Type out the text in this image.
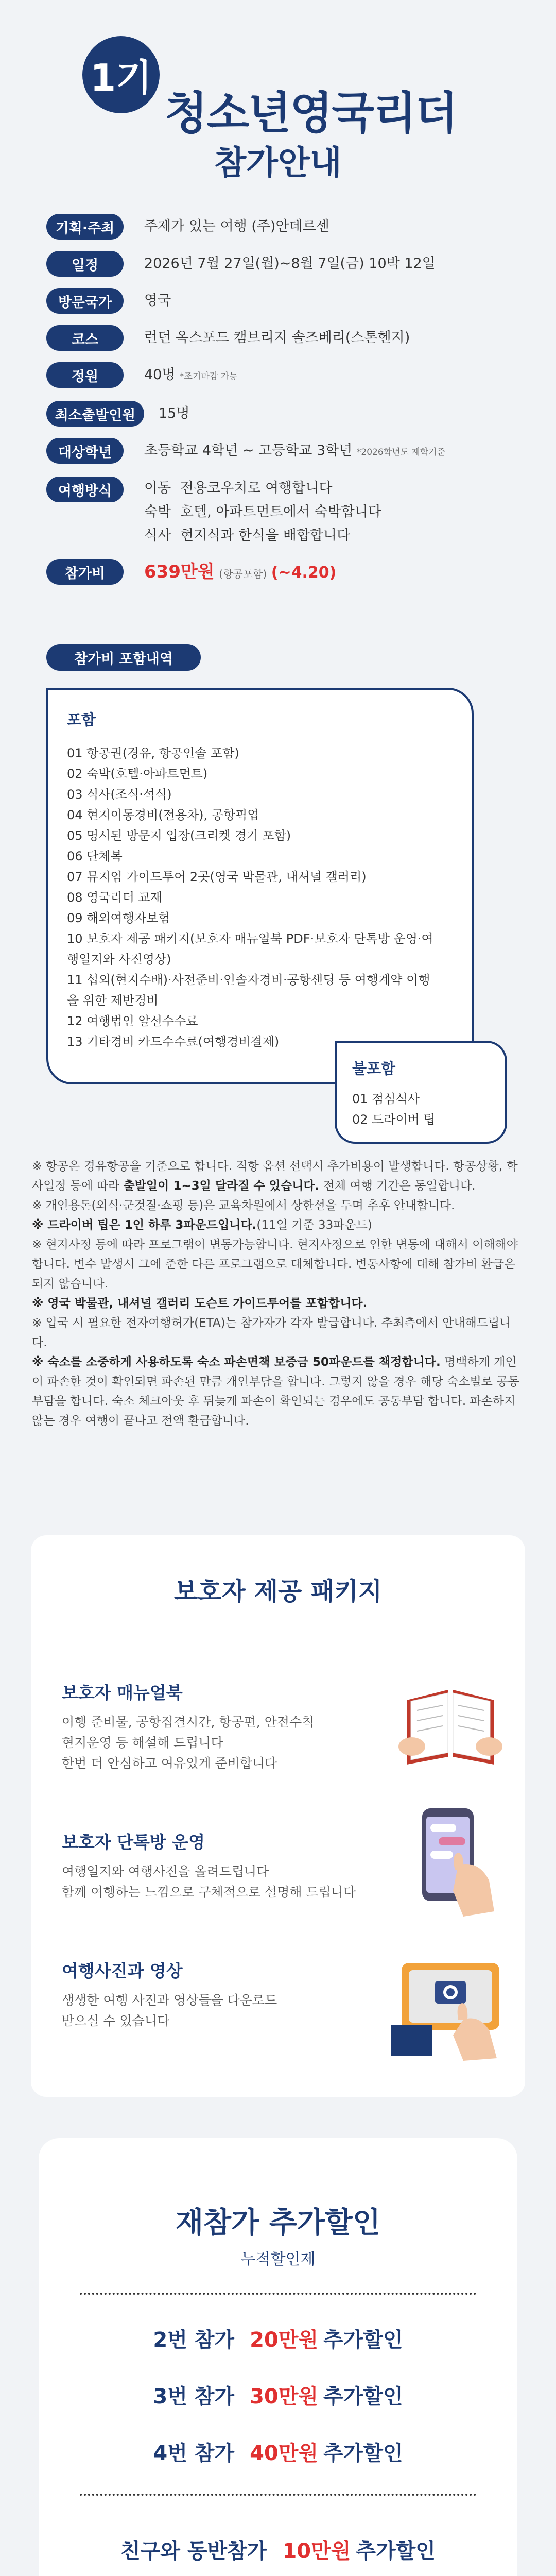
1기
청소년영국리더
참가안내
기획·주최	주제가 있는 여행 (주)안데르센
일정	2026년 7월 27일(월)~8월 7일(금) 10박 12일
방문국가	영국
코스	런던 옥스포드 캠브리지 솔즈베리(스톤헨지)
정원	40명 *조기마감 가능
최소출발인원	15명
대상학년	초등학교 4학년 ~ 고등학교 3학년 *2026학년도 재학기준
여행방식	이동 전용코우치로 여행합니다
숙박 호텔, 아파트먼트에서 숙박합니다
식사 현지식과 한식을 배합합니다
참가비	639만원 (항공포함) (~4.20)
참가비 포함내역
포함
01 항공권(경유, 항공인솔 포함)
02 숙박(호텔·아파트먼트)
03 식사(조식·석식)
04 현지이동경비(전용차), 공항픽업
05 명시된 방문지 입장(크리켓 경기 포함)
06 단체복
07 뮤지엄 가이드투어 2곳(영국 박물관, 내셔널 갤러리)
08 영국리더 교재
09 해외여행자보험
10 보호자 제공 패키지(보호자 매뉴얼북 PDF·보호자 단톡방 운영·여행일지와 사진영상)
11 섭외(현지수배)·사전준비·인솔자경비·공항샌딩 등 여행계약 이행을 위한 제반경비
12 여행법인 알선수수료
13 기타경비 카드수수료(여행경비결제)
불포함
01 점심식사
02 드라이버 팁

※ 항공은 경유항공을 기준으로 합니다. 직항 옵션 선택시 추가비용이 발생합니다. 항공상황, 학사일정 등에 따라 출발일이 1~3일 달라질 수 있습니다. 전체 여행 기간은 동일합니다.

※ 개인용돈(외식·군것질·쇼핑 등)은 교육차원에서 상한선을 두며 추후 안내합니다.

※ 드라이버 팁은 1인 하루 3파운드입니다.(11일 기준 33파운드)

※ 현지사정 등에 따라 프로그램이 변동가능합니다. 현지사정으로 인한 변동에 대해서 이해해야 합니다. 변수 발생시 그에 준한 다른 프로그램으로 대체합니다. 변동사항에 대해 참가비 환급은 되지 않습니다.

※ 영국 박물관, 내셔널 갤러리 도슨트 가이드투어를 포함합니다.

※ 입국 시 필요한 전자여행허가(ETA)는 참가자가 각자 발급합니다. 추최측에서 안내해드립니다.

※ 숙소를 소중하게 사용하도록 숙소 파손면책 보증금 50파운드를 책정합니다. 명백하게 개인이 파손한 것이 확인되면 파손된 만큼 개인부담을 합니다. 그렇지 않을 경우 해당 숙소별로 공동부담을 합니다. 숙소 체크아웃 후 뒤늦게 파손이 확인되는 경우에도 공동부담 합니다. 파손하지 않는 경우 여행이 끝나고 전액 환급합니다.

보호자 제공 패키지
보호자 매뉴얼북

여행 준비물, 공항집결시간, 항공편, 안전수칙

현지운영 등 해설해 드립니다

한번 더 안심하고 여유있게 준비합니다

보호자 단톡방 운영

여행일지와 여행사진을 올려드립니다

함께 여행하는 느낌으로 구체적으로 설명해 드립니다

여행사진과 영상

생생한 여행 사진과 영상들을 다운로드

받으실 수 있습니다

재참가 추가할인
누적할인제
2번 참가 20만원 추가할인
3번 참가 30만원 추가할인
4번 참가 40만원 추가할인
친구와 동반참가 10만원 추가할인
